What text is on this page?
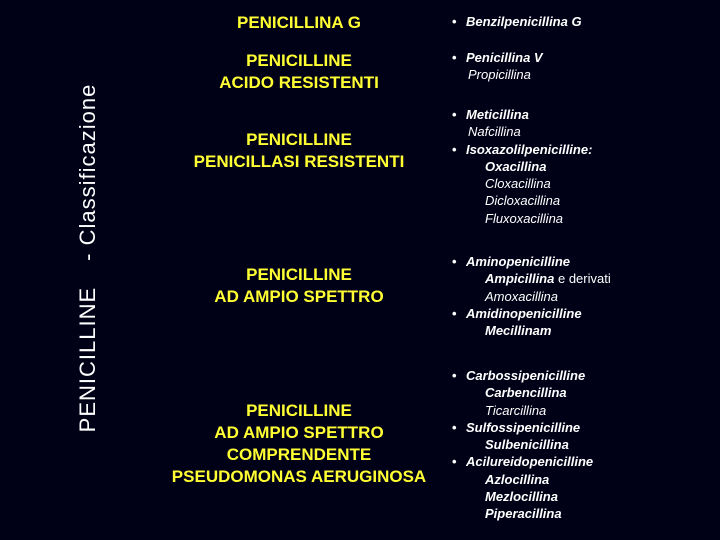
PENICILLINE- Classificazione
PENICILLINA G
PENICILLINE
ACIDO RESISTENTI
PENICILLINE
PENICILLASI RESISTENTI
PENICILLINE
AD AMPIO SPETTRO
PENICILLINE
AD AMPIO SPETTRO
COMPRENDENTE
PSEUDOMONAS AERUGINOSA
• Benzilpenicillina G
• Penicillina V
Propicillina
• Meticillina
Nafcillina
• Isoxazolilpenicilline:
Oxacillina
Cloxacillina
Dicloxacillina
Fluxoxacillina
• Aminopenicilline
Ampicillina e derivati
Amoxacillina
• Amidinopenicilline
Mecillinam
• Carbossipenicilline
Carbencillina
Ticarcillina
• Sulfossipenicilline
Sulbenicillina
• Acilureidopenicilline
Azlocillina
Mezlocillina
Piperacillina
